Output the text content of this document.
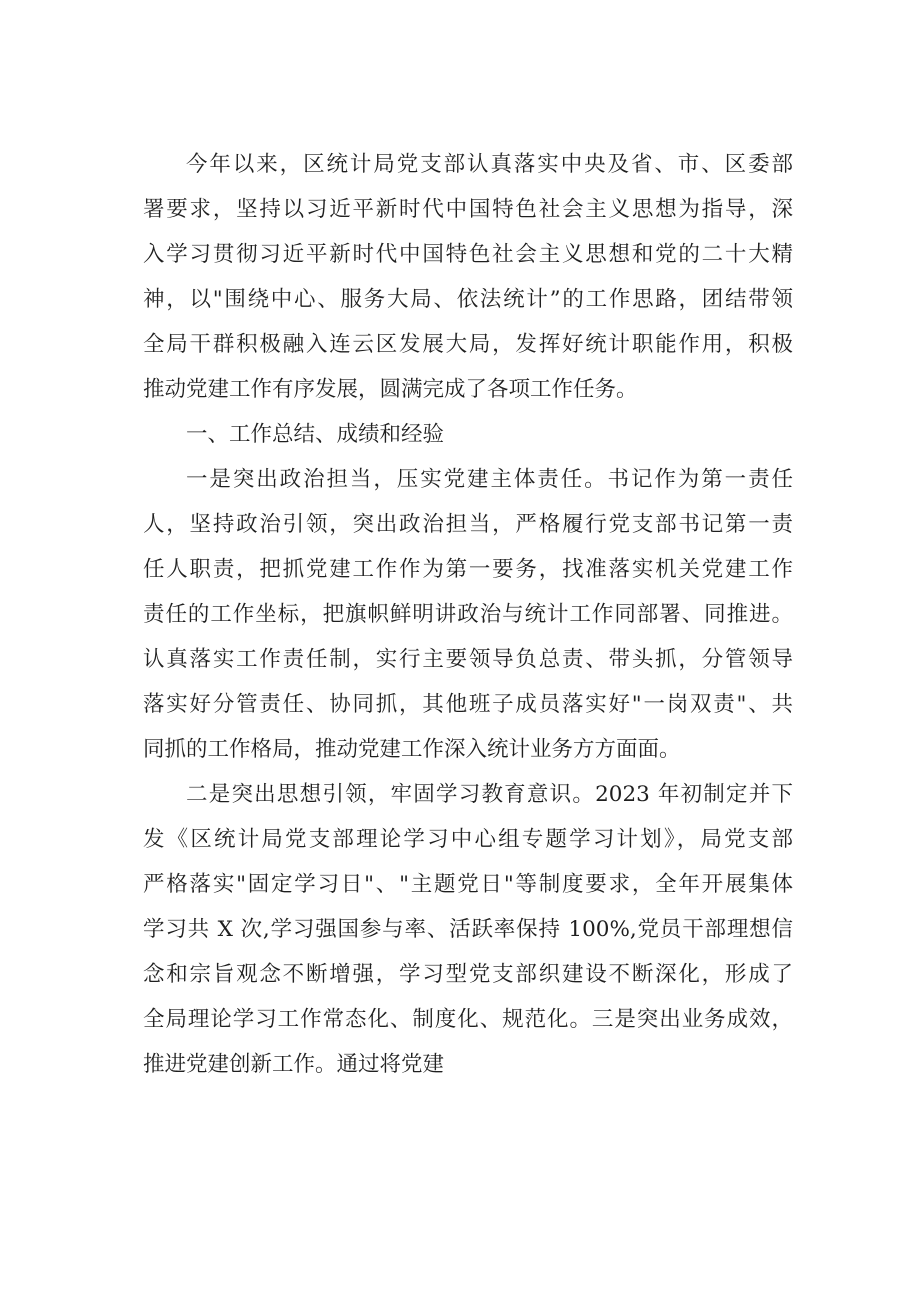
今年以来，区统计局党支部认真落实中央及省、市、区委部
署要求，坚持以习近平新时代中国特色社会主义思想为指导，深
入学习贯彻习近平新时代中国特色社会主义思想和党的二十大精
神，以"围绕中心、服务大局、依法统计”的工作思路，团结带领
全局干群积极融入连云区发展大局，发挥好统计职能作用，积极
推动党建工作有序发展，圆满完成了各项工作任务。
一、工作总结、成绩和经验
一是突出政治担当，压实党建主体责任。书记作为第一责任
人，坚持政治引领，突出政治担当，严格履行党支部书记第一责
任人职责，把抓党建工作作为第一要务，找准落实机关党建工作
责任的工作坐标，把旗帜鲜明讲政治与统计工作同部署、同推进。
认真落实工作责任制，实行主要领导负总责、带头抓，分管领导
落实好分管责任、协同抓，其他班子成员落实好"一岗双责"、共
同抓的工作格局，推动党建工作深入统计业务方方面面。
二是突出思想引领，牢固学习教育意识。2023 年初制定并下
发《区统计局党支部理论学习中心组专题学习计划》，局党支部
严格落实"固定学习日"、"主题党日"等制度要求，全年开展集体
学习共 X 次,学习强国参与率、活跃率保持 100%,党员干部理想信
念和宗旨观念不断增强，学习型党支部织建设不断深化，形成了
全局理论学习工作常态化、制度化、规范化。三是突出业务成效，
推进党建创新工作。通过将党建
